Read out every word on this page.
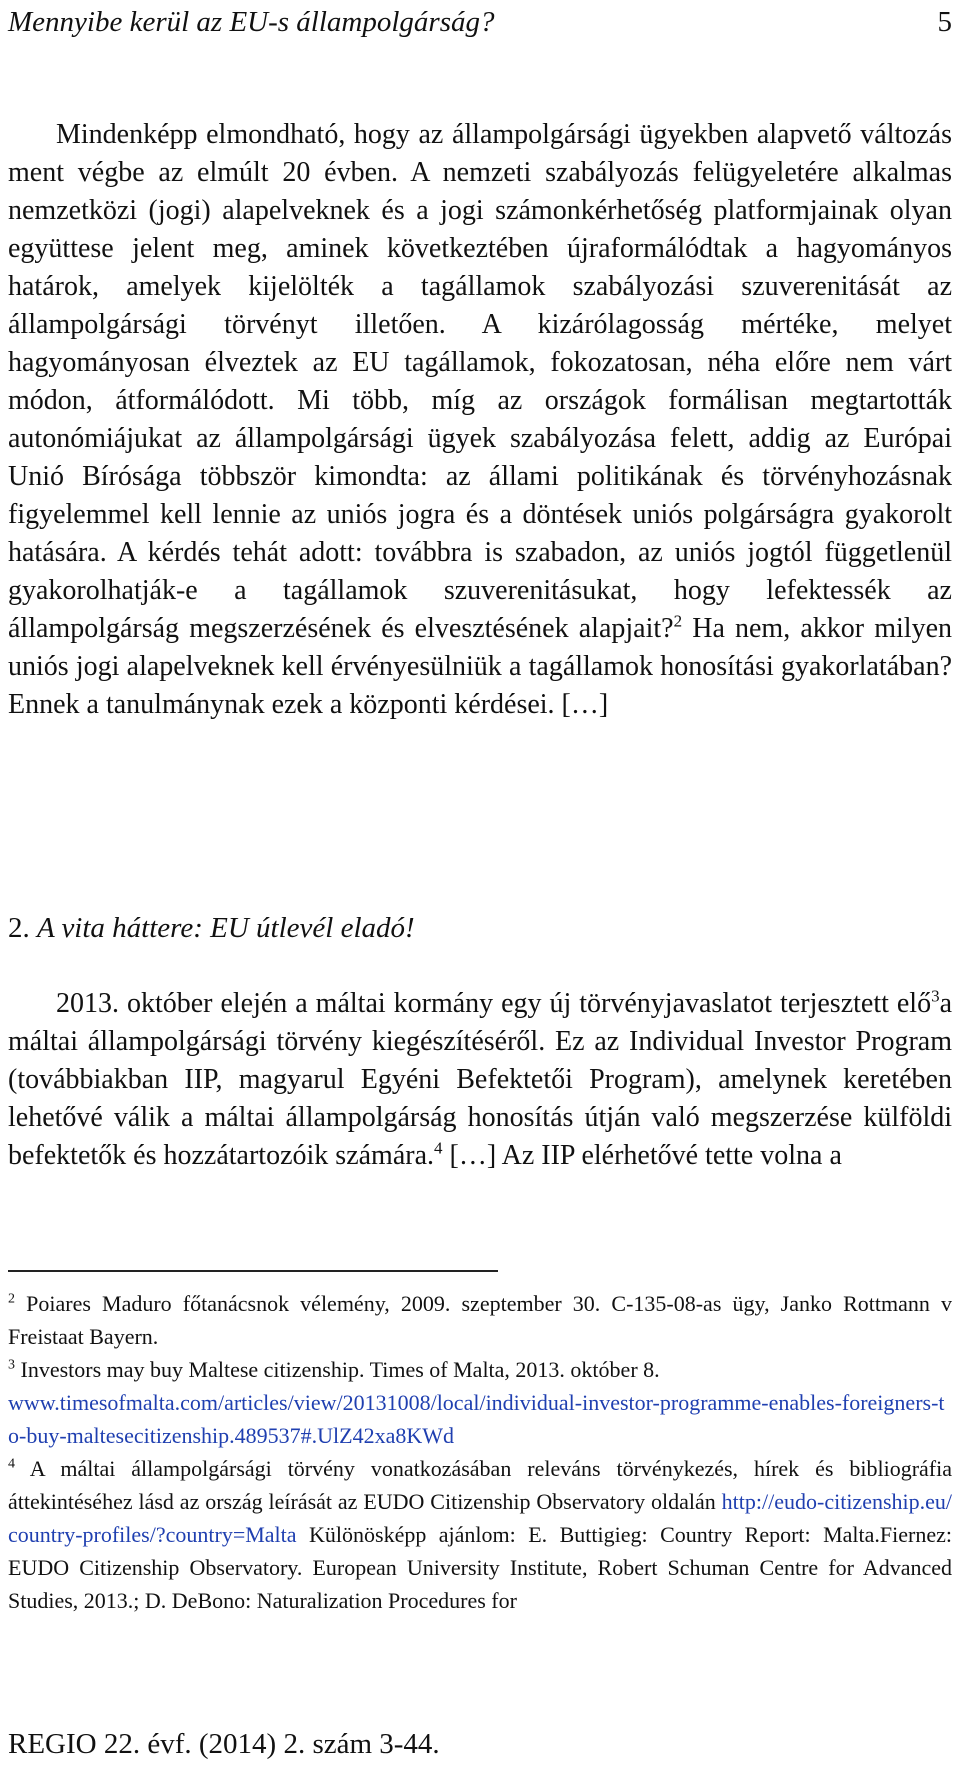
Mennyibe kerül az EU-s állampolgárság?	5

Mindenképp elmondható, hogy az állampolgársági ügyekben alapvető változás ment végbe az elmúlt 20 évben. A nemzeti szabályozás felügyeletére alkalmas nemzetközi (jogi) alapelveknek és a jogi számonkérhetőség platformjainak olyan együttese jelent meg, aminek következtében újraformálódtak a hagyományos határok, amelyek kijelölték a tagállamok szabályozási szuverenitását az állampolgársági törvényt illetően. A kizárólagosság mértéke, melyet hagyományosan élveztek az EU tagállamok, fokozatosan, néha előre nem várt módon, átformálódott. Mi több, míg az országok formálisan megtartották autonómiájukat az állampolgársági ügyek szabályozása felett, addig az Európai Unió Bírósága többször kimondta: az állami politikának és törvényhozásnak figyelemmel kell lennie az uniós jogra és a döntések uniós polgárságra gyakorolt hatására. A kérdés tehát adott: továbbra is szabadon, az uniós jogtól függetlenül gyakorolhatják-e a tagállamok szuverenitásukat, hogy lefektessék az állampolgárság megszerzésének és elvesztésének alapjait?$^2$ Ha nem, akkor milyen uniós jogi alapelveknek kell érvényesülniük a tagállamok honosítási gyakorlatában? Ennek a tanulmánynak ezek a központi kérdései. […]

2. A vita háttere: EU útlevél eladó!

2013. október elején a máltai kormány egy új törvényjavaslatot terjesztett elő$^3$a máltai állampolgársági törvény kiegészítéséről. Ez az Individual Investor Program (továbbiakban IIP, magyarul Egyéni Befektetői Program), amelynek keretében lehetővé válik a máltai állampolgárság honosítás útján való megszerzése külföldi befektetők és hozzátartozóik számára.$^4$ […] Az IIP elérhetővé tette volna a

$^2$ Poiares Maduro főtanácsnok vélemény, 2009. szeptember 30. C-135-08-as ügy, Janko Rottmann v Freistaat Bayern.

$^3$ Investors may buy Maltese citizenship. Times of Malta, 2013. október 8.
www.timesofmalta.com/articles/view/20131008/local/individual-investor-programme-enables-foreigners-to-buy-maltesecitizenship.489537#.UlZ42xa8KWd

$^4$ A máltai állampolgársági törvény vonatkozásában releváns törvénykezés, hírek és bibliográfia áttekintéséhez lásd az ország leírását az EUDO Citizenship Observatory oldalán http://eudo-citizenship.eu/country-profiles/?country=Malta Különösképp ajánlom: E. Buttigieg: Country Report: Malta.Fiernez: EUDO Citizenship Observatory. European University Institute, Robert Schuman Centre for Advanced Studies, 2013.; D. DeBono: Naturalization Procedures for

REGIO 22. évf. (2014) 2. szám 3-44.
